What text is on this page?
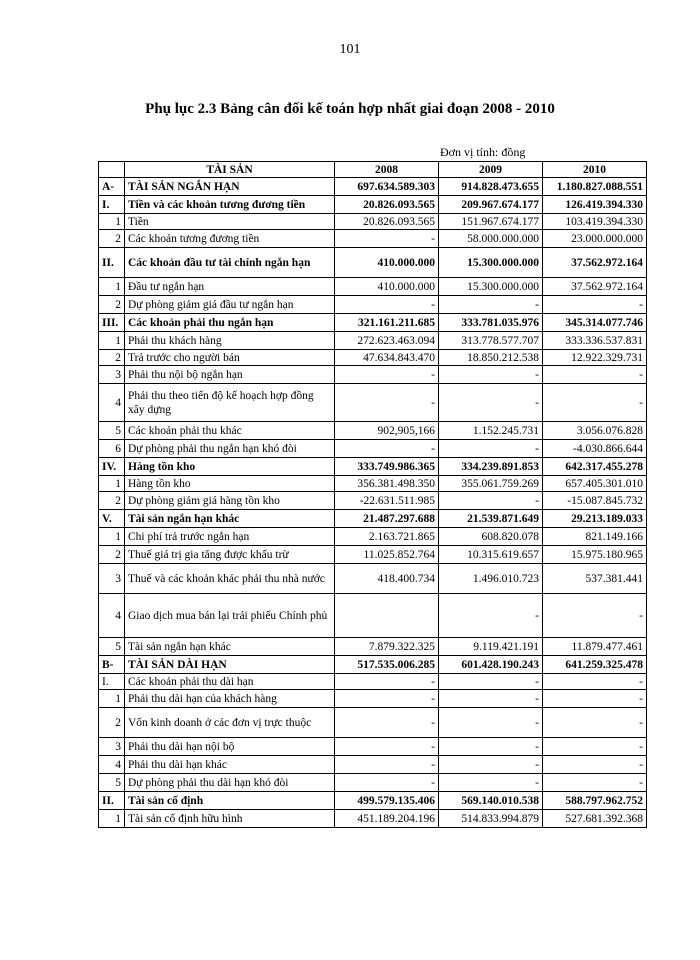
101
Phụ lục 2.3 Bảng cân đối kế toán hợp nhất giai đoạn 2008 - 2010
Đơn vị tính: đồng
	TÀI SẢN	2008	2009	2010
A-	TÀI SẢN NGẮN HẠN	697.634.589.303	914.828.473.655	1.180.827.088.551
I.	Tiền và các khoản tương đương tiền	20.826.093.565	209.967.674.177	126.419.394.330
1	Tiền	20.826.093.565	151.967.674.177	103.419.394.330
2	Các khoản tương đương tiền	-	58.000.000.000	23.000.000.000
II.	Các khoản đầu tư tài chính ngắn hạn	410.000.000	15.300.000.000	37.562.972.164
1	Đầu tư ngắn hạn	410.000.000	15.300.000.000	37.562.972.164
2	Dự phòng giảm giá đầu tư ngắn hạn	-	-	-
III.	Các khoản phải thu ngắn hạn	321.161.211.685	333.781.035.976	345.314.077.746
1	Phải thu khách hàng	272.623.463.094	313.778.577.707	333.336.537.831
2	Trả trước cho người bán	47.634.843.470	18.850.212.538	12.922.329.731
3	Phải thu nội bộ ngắn hạn	-	-	-
4	Phải thu theo tiến độ kế hoạch hợp đồng xây dựng	-	-	-
5	Các khoản phải thu khác	902,905,166	1.152.245.731	3.056.076.828
6	Dự phòng phải thu ngắn hạn khó đòi	-	-	-4.030.866.644
IV.	Hàng tồn kho	333.749.986.365	334.239.891.853	642.317.455.278
1	Hàng tồn kho	356.381.498.350	355.061.759.269	657.405.301.010
2	Dự phòng giảm giá hàng tồn kho	-22.631.511.985	-	-15.087.845.732
V.	Tài sản ngắn hạn khác	21.487.297.688	21.539.871.649	29.213.189.033
1	Chi phí trả trước ngắn hạn	2.163.721.865	608.820.078	821.149.166
2	Thuế giá trị gia tăng được khấu trừ	11.025.852.764	10.315.619.657	15.975.180.965
3	Thuế và các khoản khác phải thu nhà nước	418.400.734	1.496.010.723	537.381.441
4	Giao dịch mua bán lại trái phiếu Chính phủ		-	-
5	Tài sản ngắn hạn khác	7.879.322.325	9.119.421.191	11.879.477.461
B-	TÀI SẢN DÀI HẠN	517.535.006.285	601.428.190.243	641.259.325.478
I.	Các khoản phải thu dài hạn	-	-	-
1	Phải thu dài hạn của khách hàng	-	-	-
2	Vốn kinh doanh ở các đơn vị trực thuộc	-	-	-
3	Phải thu dài hạn nội bộ	-	-	-
4	Phải thu dài hạn khác	-	-	-
5	Dự phòng phải thu dài hạn khó đòi	-	-	-
II.	Tài sản cố định	499.579.135.406	569.140.010.538	588.797.962.752
1	Tài sản cố định hữu hình	451.189.204.196	514.833.994.879	527.681.392.368
